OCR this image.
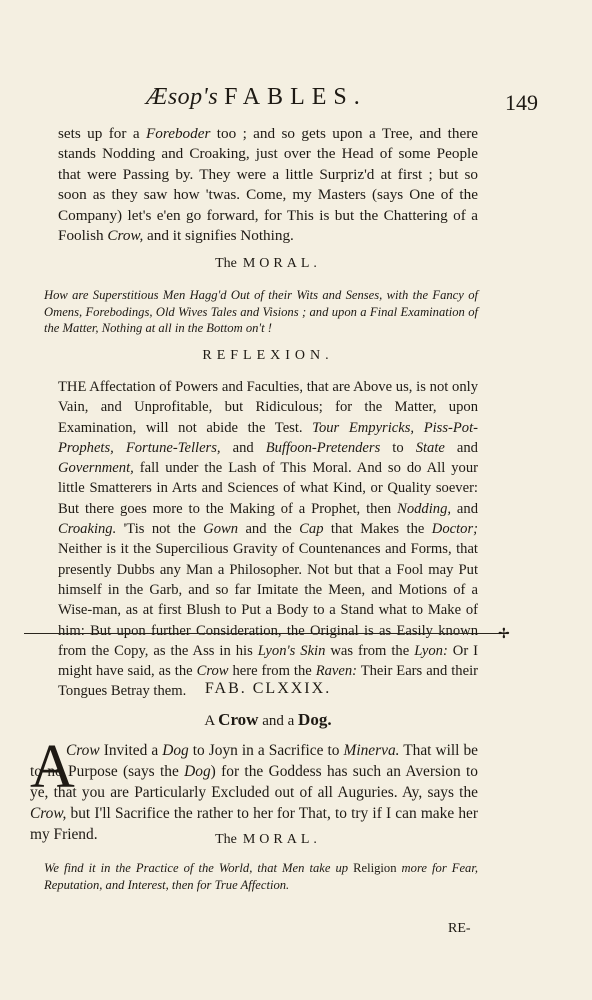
Æsop's FABLES.	149

sets up for a Foreboder too ; and so gets upon a Tree, and there stands Nodding and Croaking, just over the Head of some People that were Passing by. They were a little Surpriz'd at first ; but so soon as they saw how 'twas. Come, my Masters (says One of the Company) let's e'en go forward, for This is but the Chattering of a Foolish Crow, and it signifies Nothing.

The MORAL.
How are Superstitious Men Hagg'd Out of their Wits and Senses, with the Fancy of Omens, Forebodings, Old Wives Tales and Visions ; and upon a Final Examination of the Matter, Nothing at all in the Bottom on't !
REFLEXION.

THE Affectation of Powers and Faculties, that are Above us, is not only Vain, and Unprofitable, but Ridiculous; for the Matter, upon Examination, will not abide the Test. Tour Empyricks, Piss-Pot-Prophets, Fortune-Tellers, and Buffoon-Pretenders to State and Government, fall under the Lash of This Moral. And so do All your little Smatterers in Arts and Sciences of what Kind, or Quality soever: But there goes more to the Making of a Prophet, then Nodding, and Croaking. 'Tis not the Gown and the Cap that Makes the Doctor; Neither is it the Supercilious Gravity of Countenances and Forms, that presently Dubbs any Man a Philosopher. Not but that a Fool may Put himself in the Garb, and so far Imitate the Meen, and Motions of a Wise-man, as at first Blush to Put a Body to a Stand what to Make of him: But upon further Consideration, the Original is as Easily known from the Copy, as the Ass in his Lyon's Skin was from the Lyon: Or I might have said, as the Crow here from the Raven: Their Ears and their Tongues Betray them.

✢
FAB. CLXXIX.
A Crow and a Dog.
A

Crow Invited a Dog to Joyn in a Sacrifice to Minerva. That will be to no Purpose (says the Dog) for the Goddess has such an Aversion to ye, that you are Particularly Excluded out of all Auguries. Ay, says the Crow, but I'll Sacrifice the rather to her for That, to try if I can make her my Friend.	The MORAL.
We find it in the Practice of the World, that Men take up Religion more for Fear, Reputation, and Interest, then for True Affection.
RE-
